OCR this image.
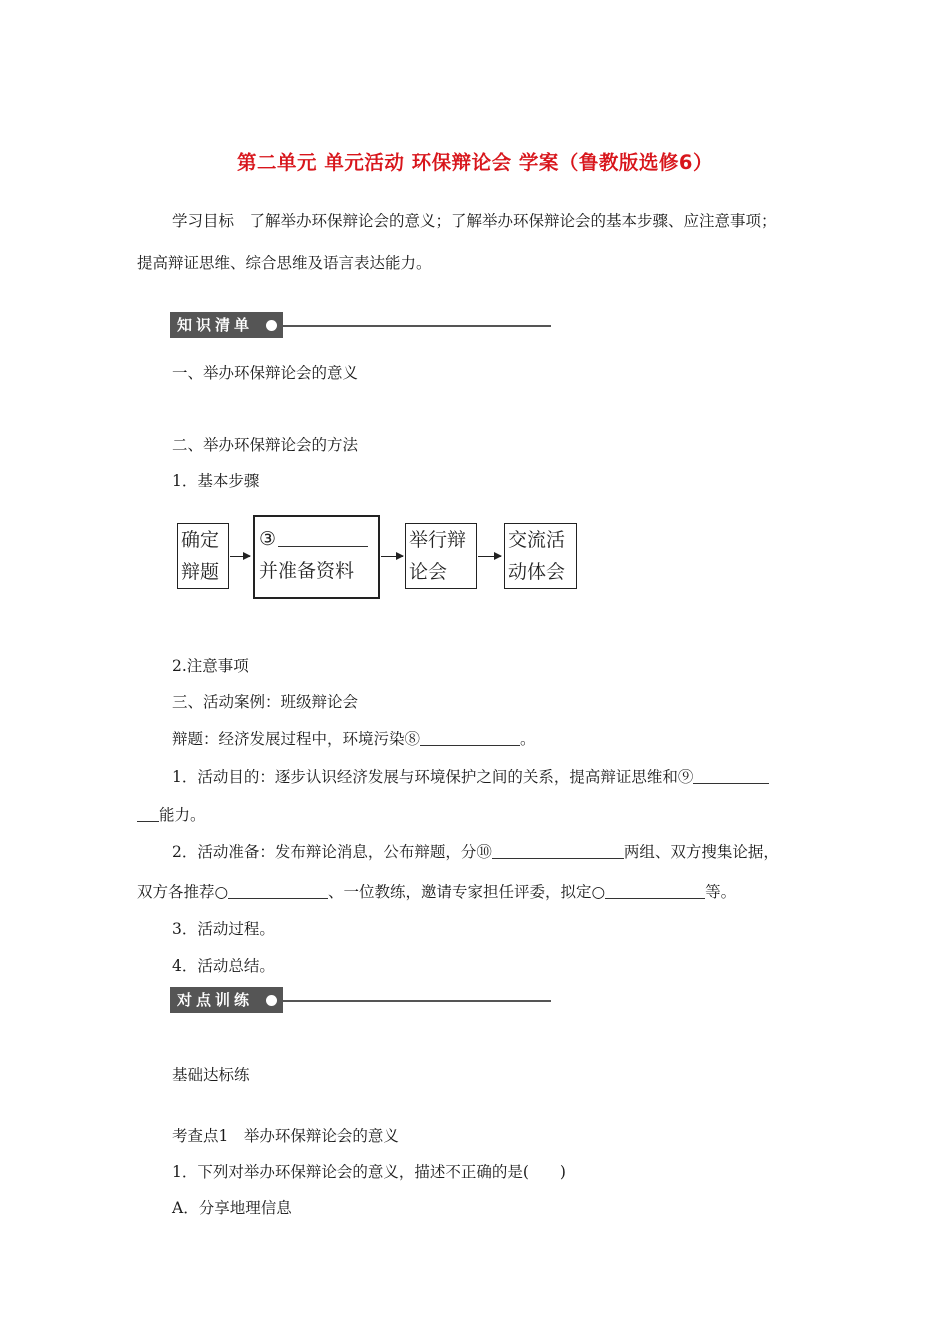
第二单元 单元活动 环保辩论会 学案（鲁教版选修6）
学习目标　了解举办环保辩论会的意义；了解举办环保辩论会的基本步骤、应注意事项；
提高辩证思维、综合思维及语言表达能力。
知识清单
一、举办环保辩论会的意义
二、举办环保辩论会的方法
1．基本步骤
确定
辩题
③
并准备资料
举行辩
论会
交流活
动体会
2.注意事项
三、活动案例：班级辩论会
辩题：经济发展过程中，环境污染⑧	。
1．活动目的：逐步认识经济发展与环境保护之间的关系，提高辩证思维和⑨
能力。
2．活动准备：发布辩论消息，公布辩题，分⑩	两组、双方搜集论据，
双方各推荐○	、一位教练，邀请专家担任评委，拟定○	等。
3．活动过程。
4．活动总结。
对点训练
基础达标练
考查点1　举办环保辩论会的意义
1．下列对举办环保辩论会的意义，描述不正确的是(　　)
A．分享地理信息
